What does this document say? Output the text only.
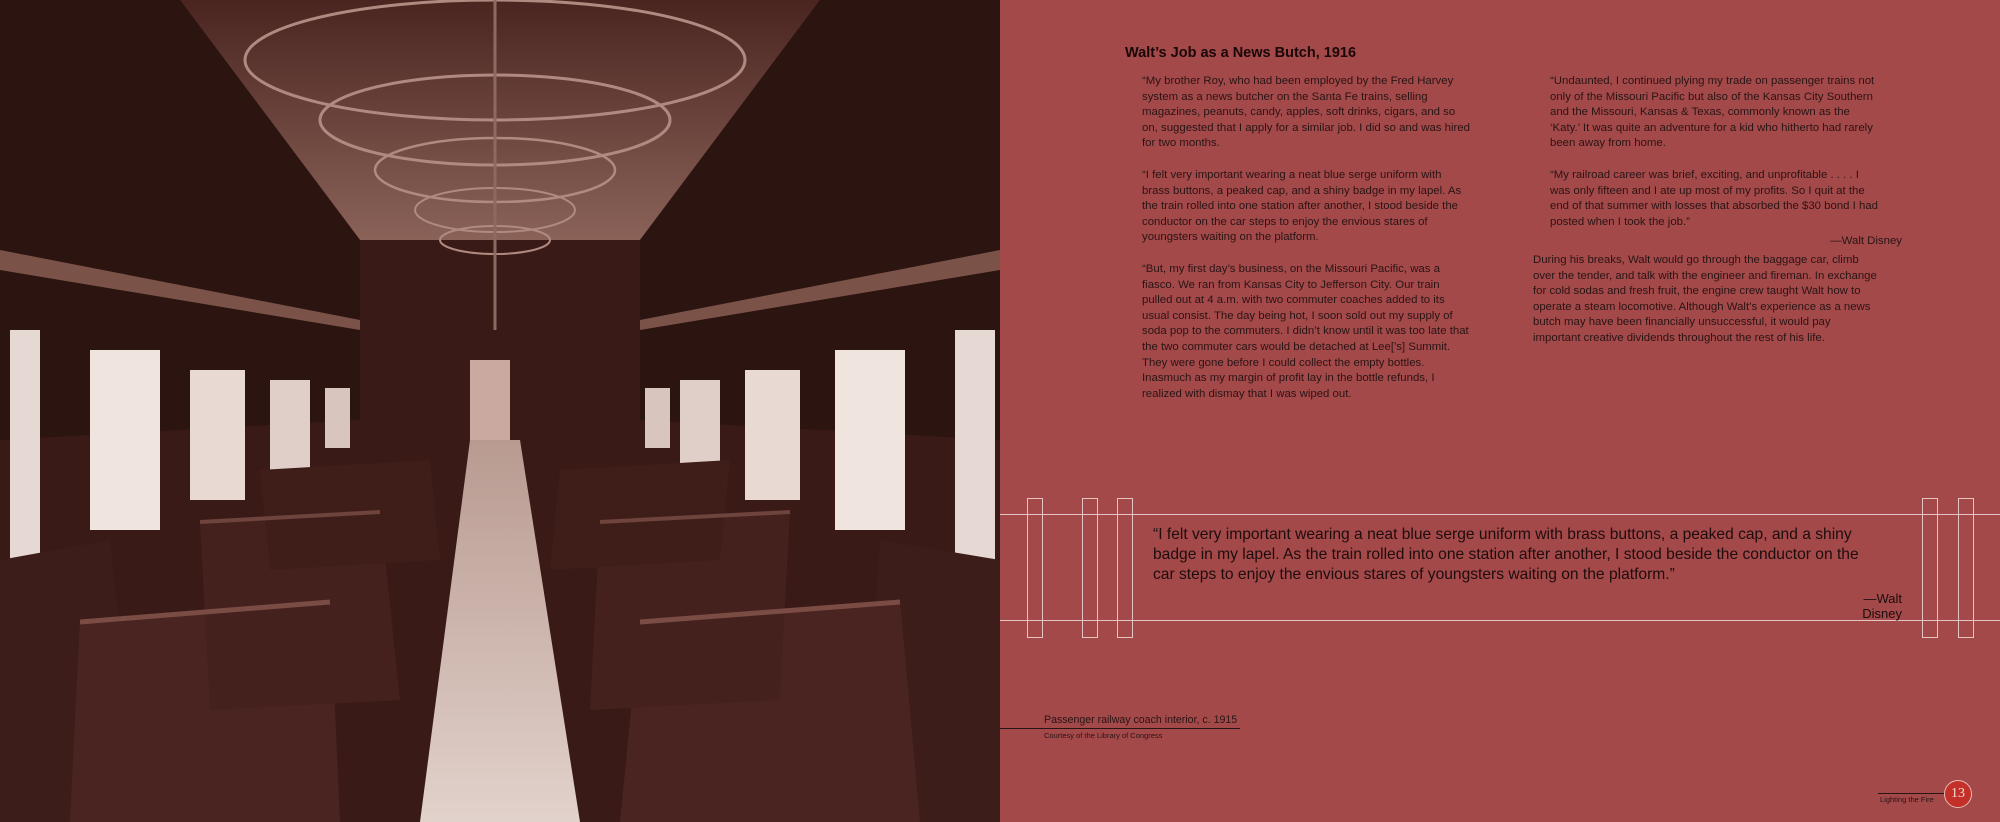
Walt’s Job as a News Butch, 1916

“My brother Roy, who had been employed by the Fred Harvey system as a news butcher on the Santa Fe trains, selling magazines, peanuts, candy, apples, soft drinks, cigars, and so on, suggested that I apply for a similar job. I did so and was hired for two months.

“I felt very important wearing a neat blue serge uniform with brass buttons, a peaked cap, and a shiny badge in my lapel. As the train rolled into one station after another, I stood beside the conductor on the car steps to enjoy the envious stares of youngsters waiting on the platform.

“But, my first day’s business, on the Missouri Pacific, was a fiasco. We ran from Kansas City to Jefferson City. Our train pulled out at 4 a.m. with two commuter coaches added to its usual consist. The day being hot, I soon sold out my supply of soda pop to the commuters. I didn’t know until it was too late that the two commuter cars would be detached at Lee[’s] Summit. They were gone before I could collect the empty bottles. Inasmuch as my margin of profit lay in the bottle refunds, I realized with dismay that I was wiped out.

“Undaunted, I continued plying my trade on passenger trains not only of the Missouri Pacific but also of the Kansas City Southern and the Missouri, Kansas & Texas, commonly known as the ‘Katy.’ It was quite an adventure for a kid who hitherto had rarely been away from home.

“My railroad career was brief, exciting, and unprofitable . . . . I was only fifteen and I ate up most of my profits. So I quit at the end of that summer with losses that absorbed the $30 bond I had posted when I took the job.”

—Walt Disney

During his breaks, Walt would go through the baggage car, climb over the tender, and talk with the engineer and fireman. In exchange for cold sodas and fresh fruit, the engine crew taught Walt how to operate a steam locomotive. Although Walt’s experience as a news butch may have been financially unsuccessful, it would pay important creative dividends throughout the rest of his life.

“I felt very important wearing a neat blue serge uniform with brass buttons, a peaked cap, and a shiny badge in my lapel. As the train rolled into one station after another, I stood beside the conductor on the car steps to enjoy the envious stares of youngsters waiting on the platform.”
—Walt Disney
Passenger railway coach interior, c. 1915
Courtesy of the Library of Congress
Lighting the Fire	13
